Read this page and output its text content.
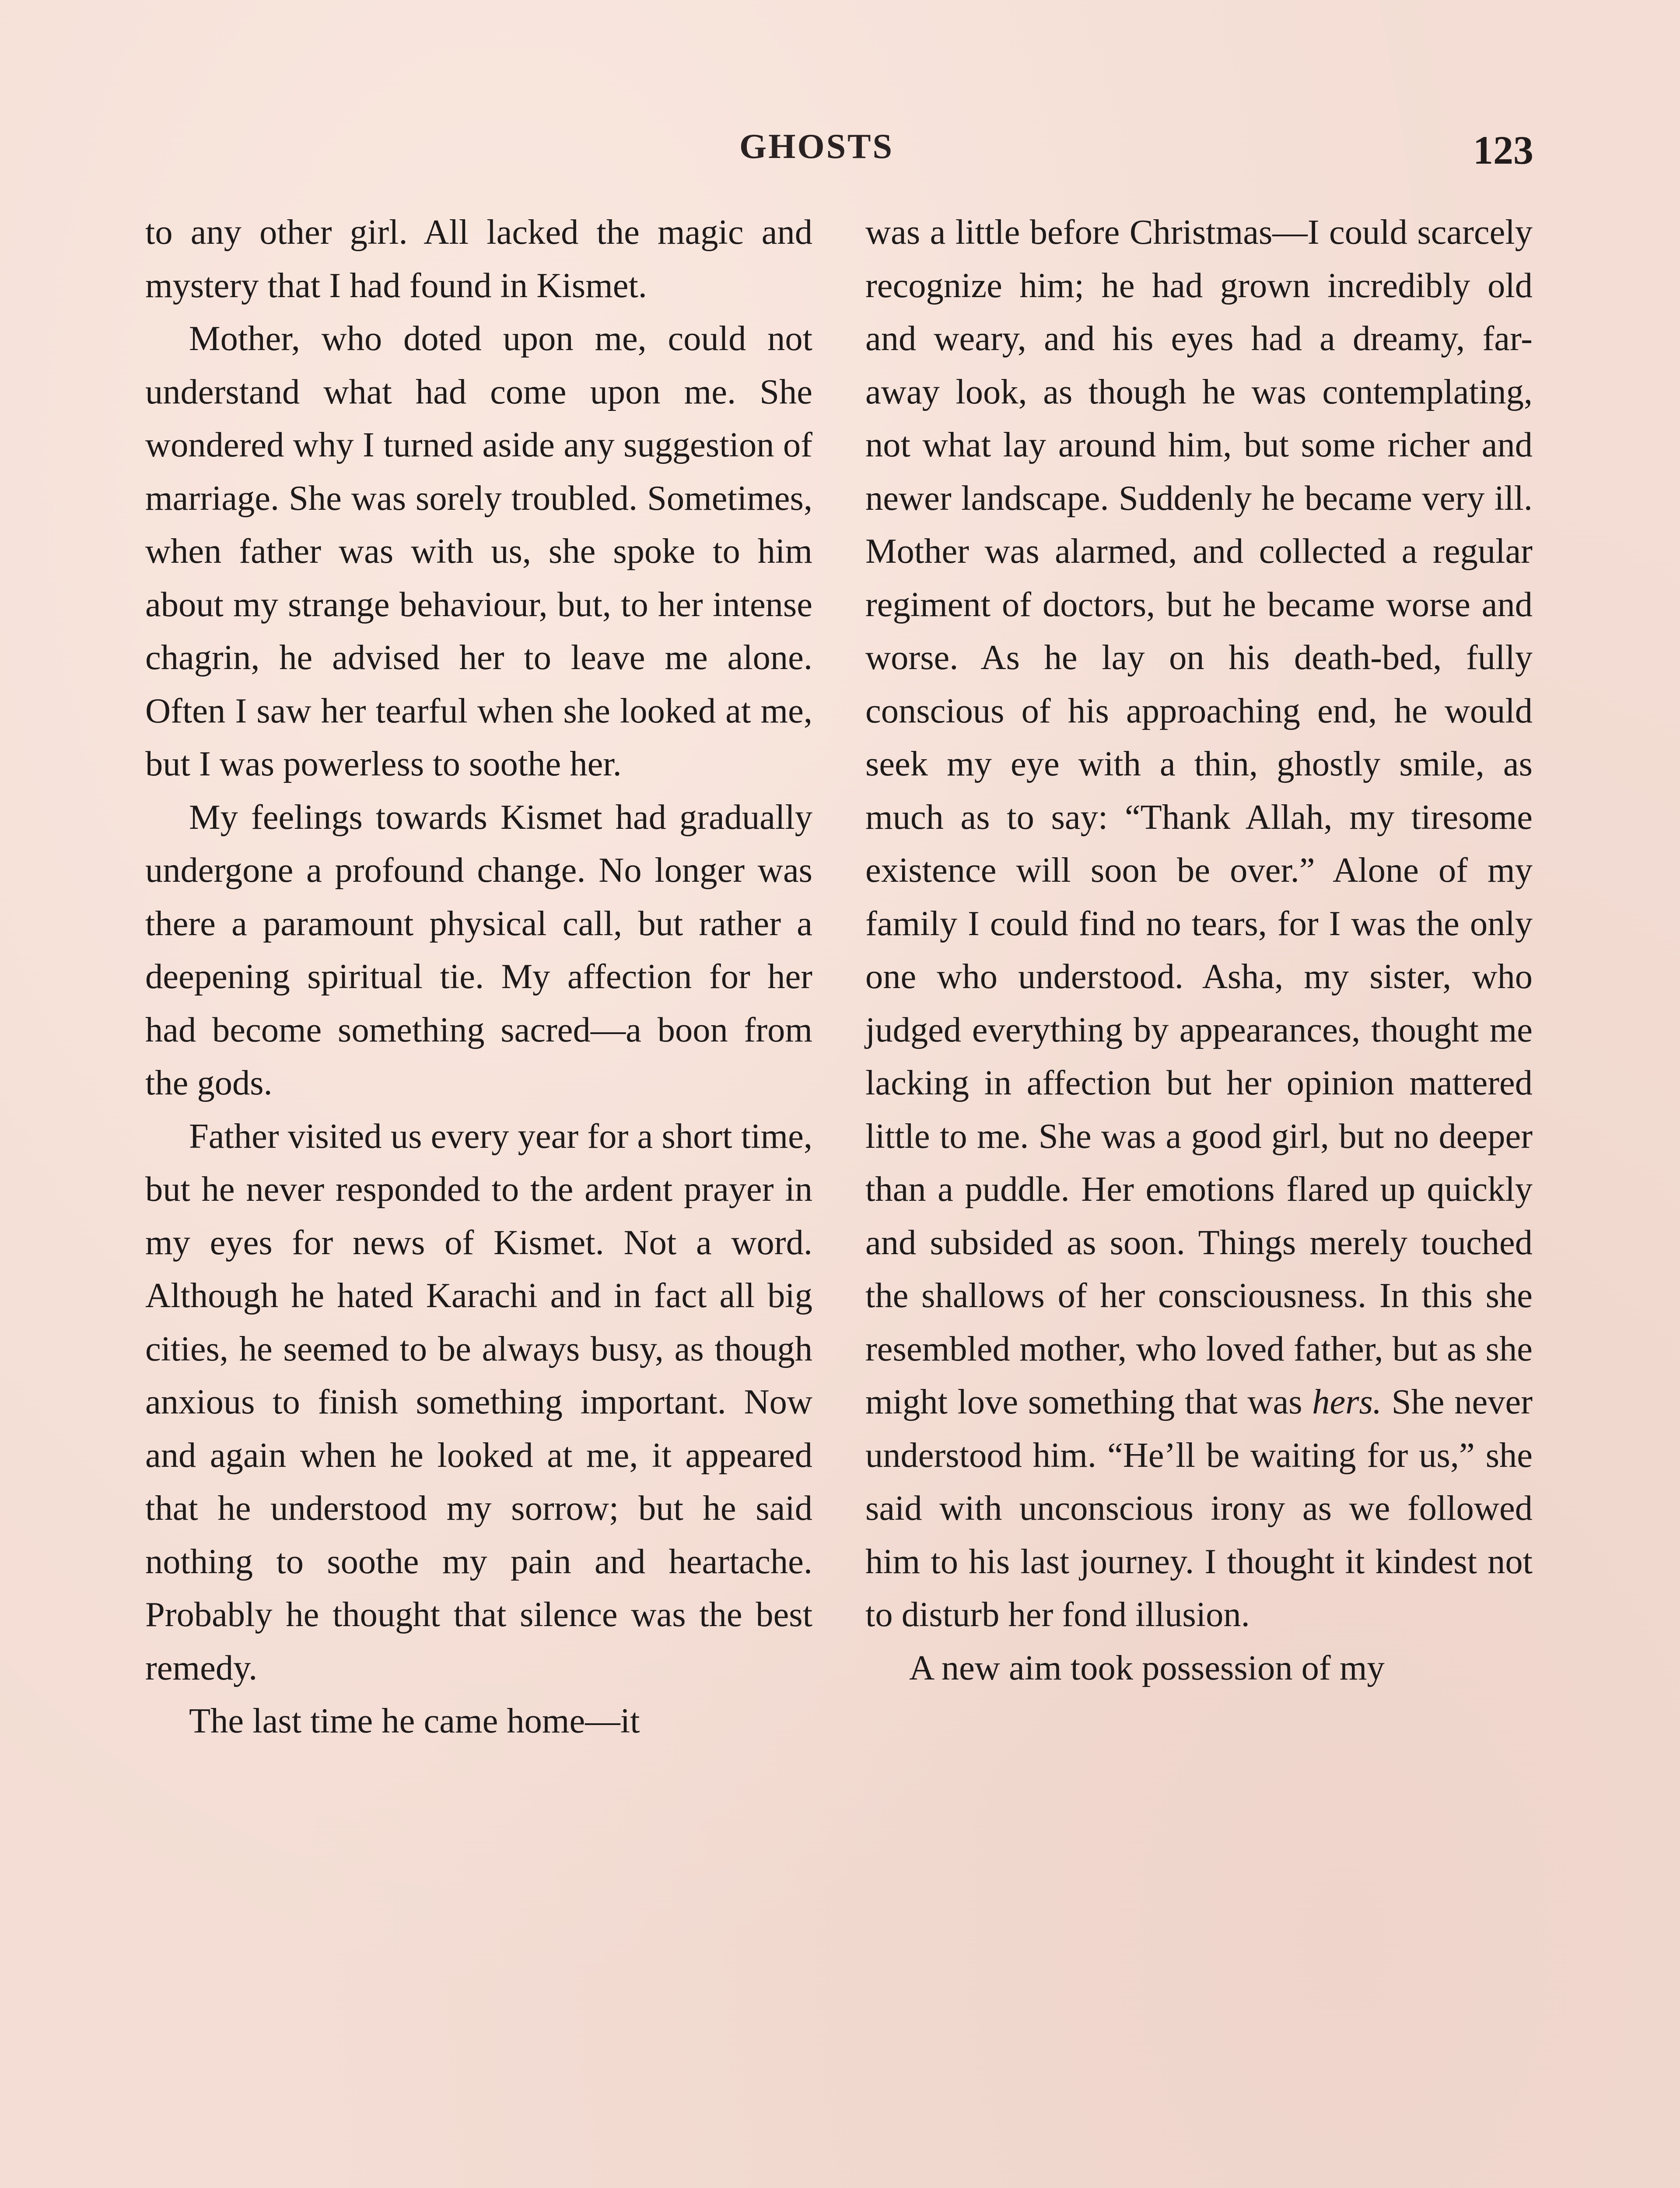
GHOSTS	123

to any other girl. All lacked the magic and mystery that I had found in Kismet.

Mother, who doted upon me, could not understand what had come upon me. She wondered why I turned aside any suggestion of marriage. She was sorely troubled. Sometimes, when father was with us, she spoke to him about my strange behaviour, but, to her intense chagrin, he advised her to leave me alone. Often I saw her tearful when she looked at me, but I was powerless to soothe her.

My feelings towards Kismet had gradually undergone a profound change. No longer was there a paramount physical call, but rather a deepening spiritual tie. My affection for her had become something sacred—a boon from the gods.

Father visited us every year for a short time, but he never responded to the ardent prayer in my eyes for news of Kismet. Not a word. Although he hated Karachi and in fact all big cities, he seemed to be always busy, as though anxious to finish something important. Now and again when he looked at me, it appeared that he understood my sorrow; but he said nothing to soothe my pain and heartache. Probably he thought that silence was the best remedy.

The last time he came home—it

was a little before Christmas—I could scarcely recognize him; he had grown incredibly old and weary, and his eyes had a dreamy, far-away look, as though he was contemplating, not what lay around him, but some richer and newer landscape. Suddenly he became very ill. Mother was alarmed, and collected a regular regiment of doctors, but he became worse and worse. As he lay on his death-bed, fully conscious of his approaching end, he would seek my eye with a thin, ghostly smile, as much as to say: “Thank Allah, my tiresome existence will soon be over.” Alone of my family I could find no tears, for I was the only one who understood. Asha, my sister, who judged everything by appearances, thought me lacking in affection but her opinion mattered little to me. She was a good girl, but no deeper than a puddle. Her emotions flared up quickly and subsided as soon. Things merely touched the shallows of her consciousness. In this she resembled mother, who loved father, but as she might love something that was hers. She never understood him. “He’ll be waiting for us,” she said with unconscious irony as we followed him to his last journey. I thought it kindest not to disturb her fond illusion.

A new aim took possession of my
